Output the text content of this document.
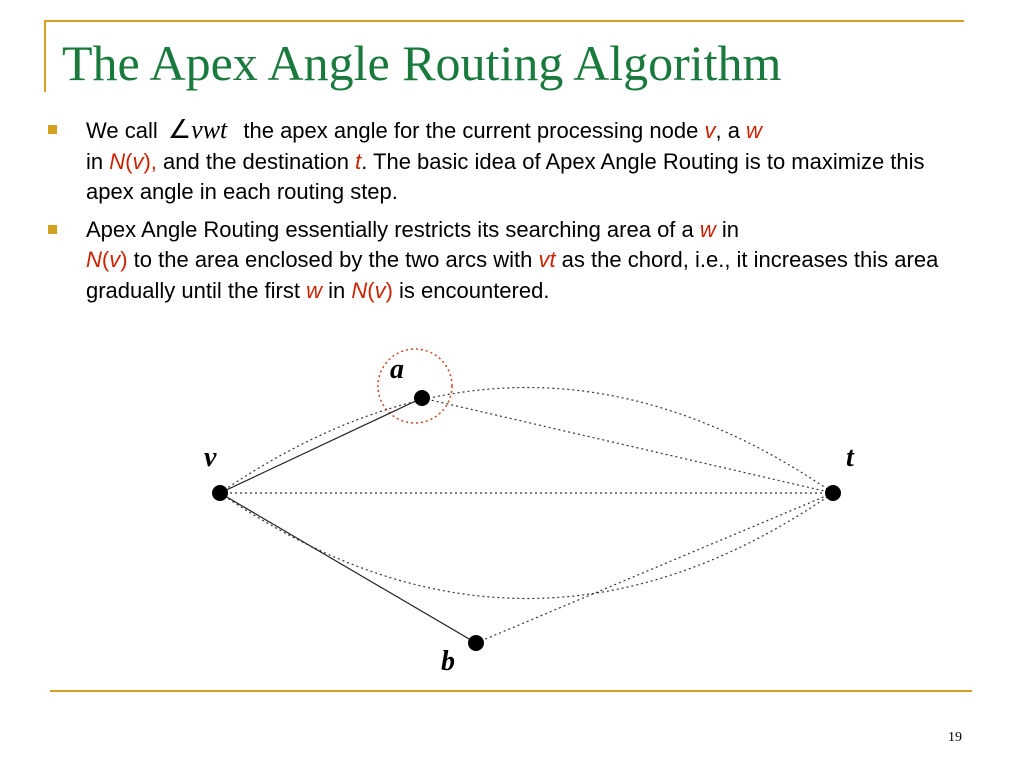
The Apex Angle Routing Algorithm
We call ∠vwt the apex angle for the current processing node v, a w
in N(v), and the destination t. The basic idea of Apex Angle Routing is to maximize this apex angle in each routing step.
Apex Angle Routing essentially restricts its searching area of a w in
N(v) to the area enclosed by the two arcs with vt as the chord, i.e., it increases this area gradually until the first w in N(v) is encountered.
a
v	t
b
19
